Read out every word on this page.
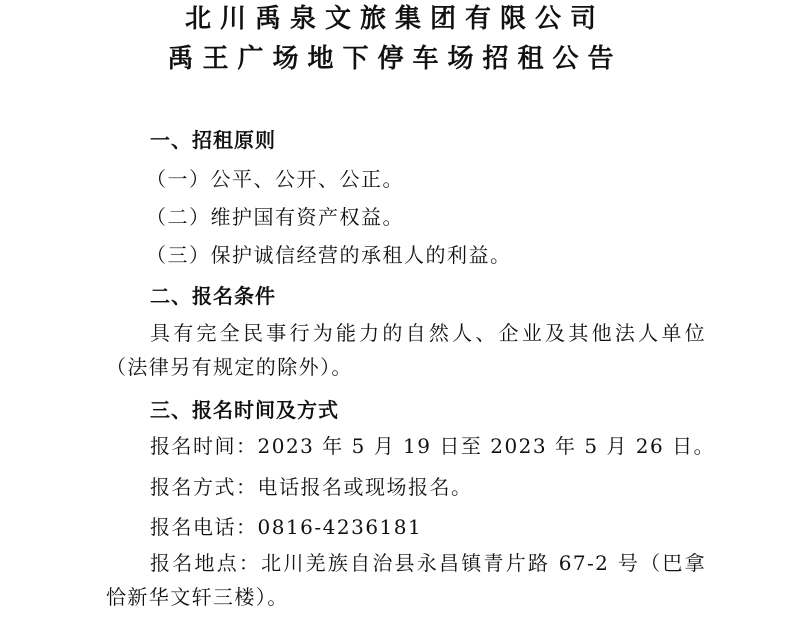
北川禹泉文旅集团有限公司
禹王广场地下停车场招租公告
一、招租原则
（一）公平、公开、公正。
（二）维护国有资产权益。
（三）保护诚信经营的承租人的利益。
二、报名条件
具有完全民事行为能力的自然人、企业及其他法人单位（法律另有规定的除外）。
三、报名时间及方式
报名时间：2023 年 5 月 19 日至 2023 年 5 月 26 日。
报名方式：电话报名或现场报名。
报名电话：0816-4236181
报名地点：北川羌族自治县永昌镇青片路 67-2 号（巴拿恰新华文轩三楼）。
